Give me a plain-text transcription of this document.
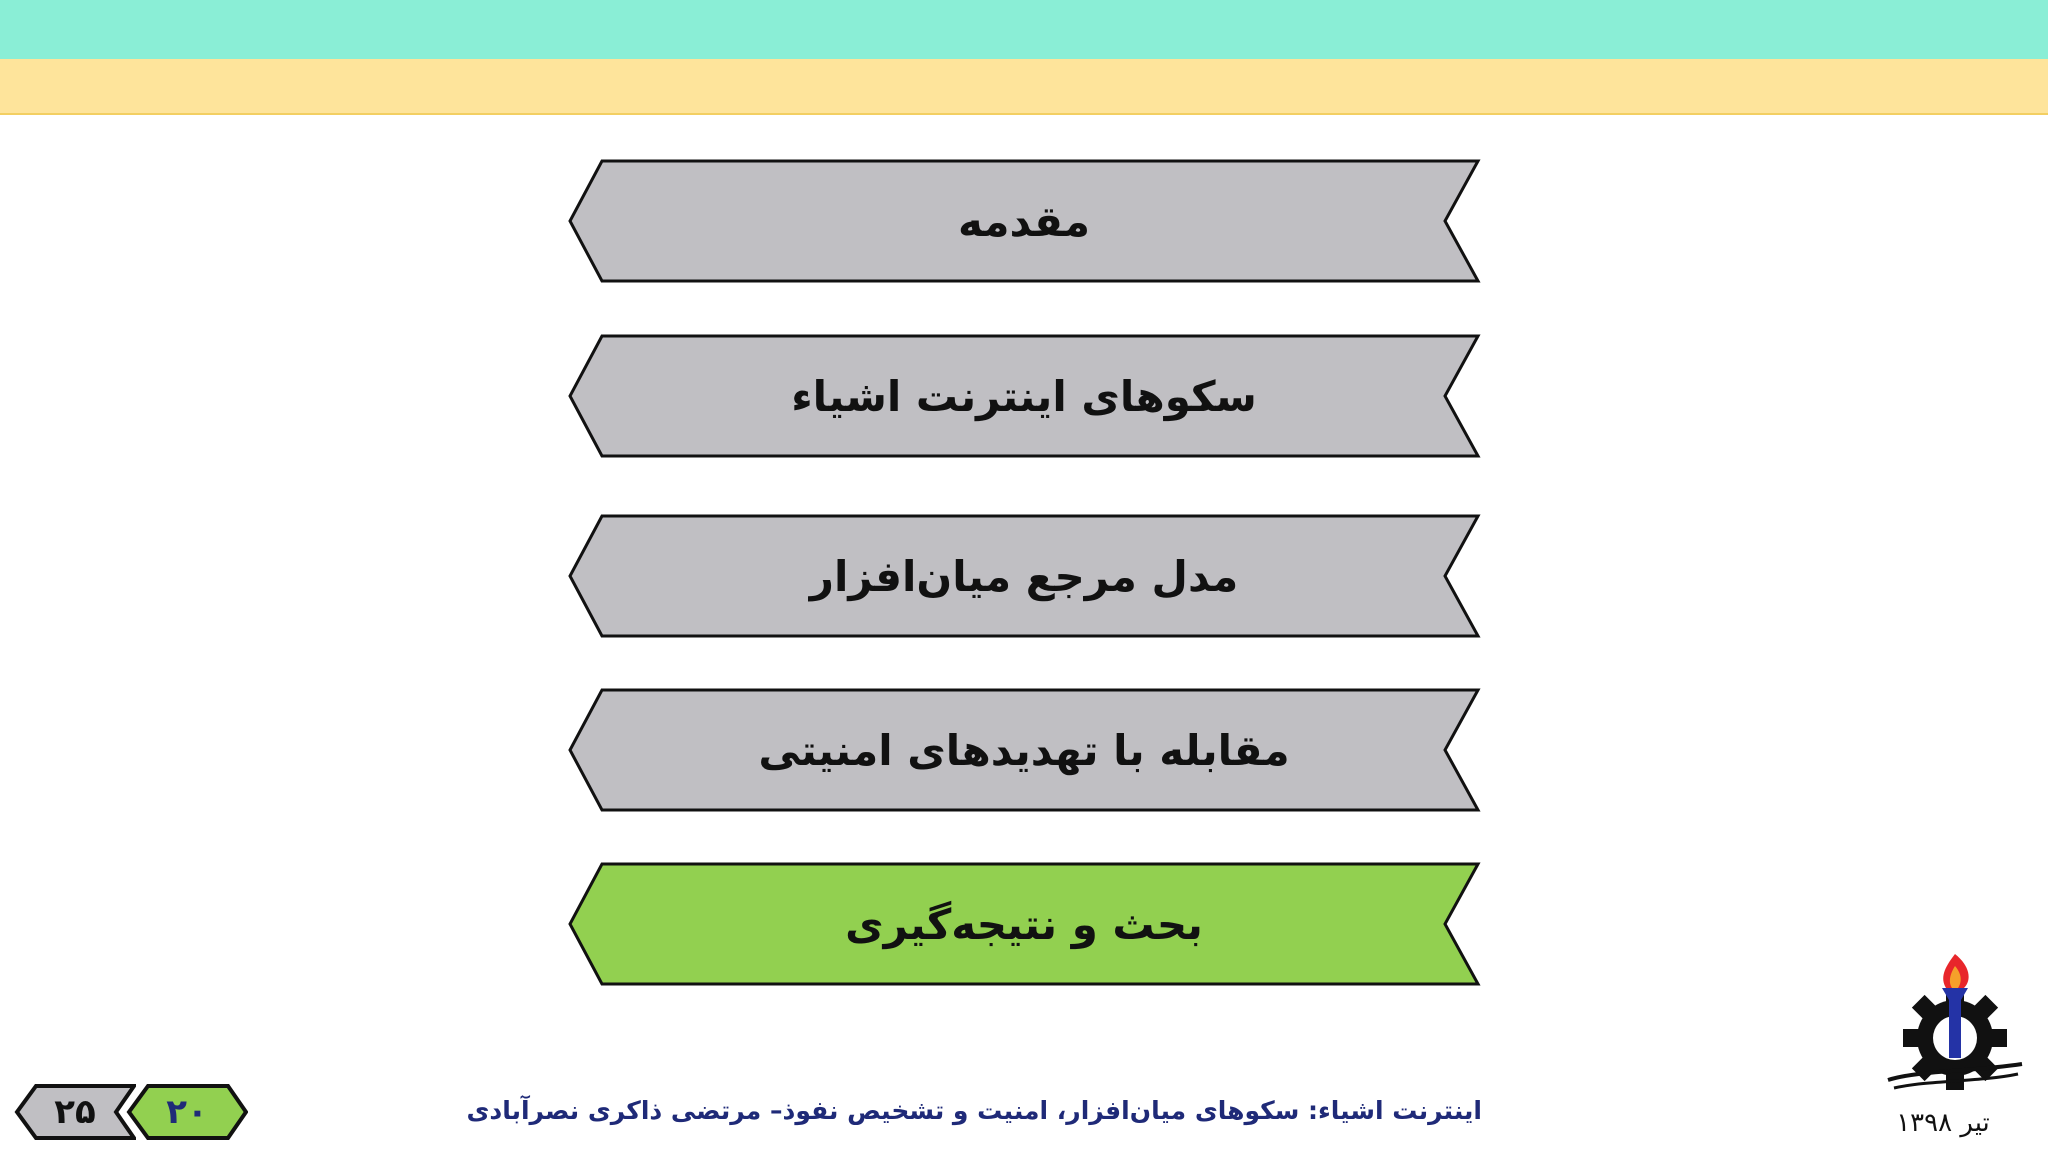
مقدمه
سکوهای اینترنت اشیاء
مدل مرجع میان‌افزار
مقابله با تهدیدهای امنیتی
بحث و نتیجه‌گیری
تیر ۱۳۹۸
اینترنت اشیاء: سکوهای میان‌افزار، امنیت و تشخیص نفوذ– مرتضی ذاکری نصرآبادی
۲۵	۲۰
